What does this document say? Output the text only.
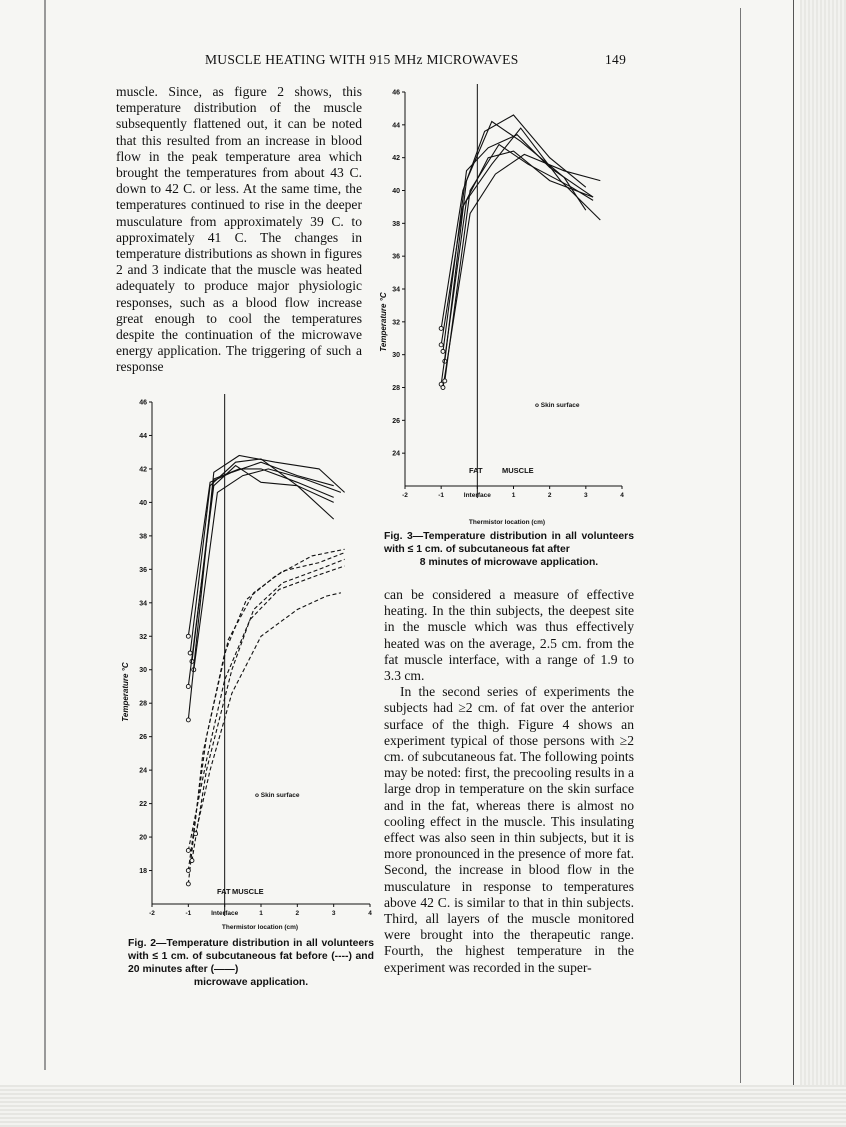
MUSCLE HEATING WITH 915 MHz MICROWAVES	149

muscle. Since, as figure 2 shows, this temperature distribution of the muscle subsequently flattened out, it can be noted that this resulted from an increase in blood flow in the peak temperature area which brought the temperatures from about 43 C. down to 42 C. or less. At the same time, the temperatures continued to rise in the deeper musculature from approximately 39 C. to approximately 41 C. The changes in temperature distributions as shown in figures 2 and 3 indicate that the muscle was heated adequately to produce major physiologic responses, such as a blood flow increase great enough to cool the temperatures despite the continuation of the microwave energy application. The triggering of such a response

can be considered a measure of effective heating. In the thin subjects, the deepest site in the muscle which was thus effectively heated was on the average, 2.5 cm. from the fat muscle interface, with a range of 1.9 to 3.3 cm.

In the second series of experiments the subjects had ≥2 cm. of fat over the anterior surface of the thigh. Figure 4 shows an experiment typical of those persons with ≥2 cm. of subcutaneous fat. The following points may be noted: first, the precooling results in a large drop in temperature on the skin surface and in the fat, whereas there is almost no cooling effect in the muscle. This insulating effect was also seen in thin subjects, but it is more pronounced in the presence of more fat. Second, the increase in blood flow in the musculature in response to temperatures above 42 C. is similar to that in thin subjects. Third, all layers of the muscle monitored were brought into the therapeutic range. Fourth, the highest temperature in the experiment was recorded in the super-

18
20
22
24
26
28
30
32
34
36
38
40
42
44
46
-2	-1	Interface	1	2	3	4
Temperature °C
FAT MUSCLE
o Skin surface
Thermistor location (cm)
24
26
28
30
32
34
36
38
40
42
44
46
-2	-1	Interface	1	2	3	4
Temperature °C
FAT	MUSCLE
o Skin surface
Thermistor location (cm)
Fig. 2—Temperature distribution in all volunteers with ≤ 1 cm. of subcutaneous fat before (----) and 20 minutes after (——)
microwave application.
Fig. 3—Temperature distribution in all volunteers with ≤ 1 cm. of subcutaneous fat after
8 minutes of microwave application.
